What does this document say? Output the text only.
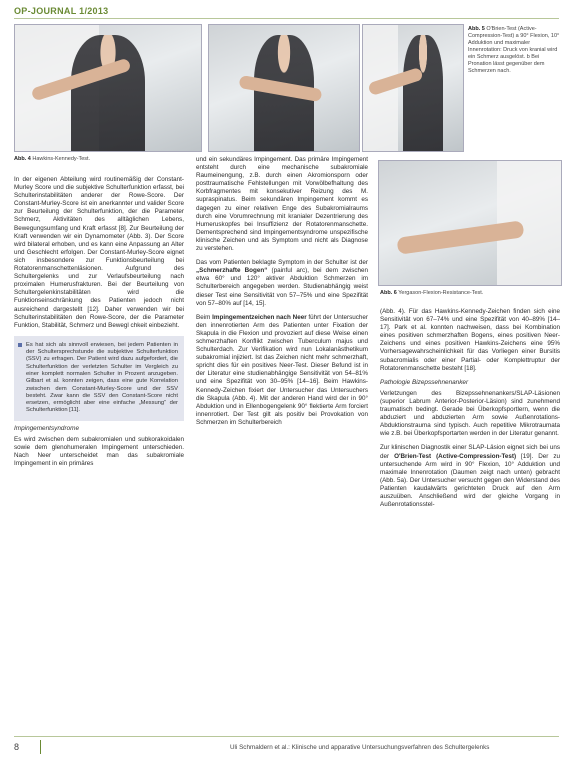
OP-JOURNAL 1/2013
Abb. 4 Hawkins-Kennedy-Test.
Abb. 5 O'Brien-Test (Active-Compression-Test) a 90° Flexion, 10° Adduktion und maximaler Innenrotation: Druck von kranial wird ein Schmerz ausgelöst. b Bei Pronation lässt gegenüber dem Schmerzen nach.
Abb. 6 Yergason-Flexion-Resistance-Test.

In der eigenen Abteilung wird routinemäßig der Constant-Murley Score und die subjektive Schulterfunktion erfasst, bei Schulterinstabilitäten anderer der Rowe-Score. Der Constant-Murley-Score ist ein anerkannter und valider Score zur Beurteilung der Schulterfunktion, der die Parameter Schmerz, Aktivitäten des alltäglichen Lebens, Bewegungsumfang und Kraft erfasst [8]. Zur Beurteilung der Kraft verwenden wir ein Dynamometer (Abb. 3). Der Score wird bilateral erhoben, und es kann eine Anpassung an Alter und Geschlecht erfolgen. Der Constant-Murley-Score eignet sich insbesondere zur Funktionsbeurteilung bei Rotatorenmanschettenläsionen. Aufgrund des Schultergelenks und zur Verlaufsbeurteilung nach proximalen Humerusfrakturen. Bei der Beurteilung von Schultergelenkinstabilitäten wird die Funktionseinschränkung des Patienten jedoch nicht ausreichend dargestellt [12]. Daher verwenden wir bei Schulterinstabilitäten den Rowe-Score, der die Parameter Funktion, Stabilität, Schmerz und Bewegl chkeit einbezieht.

Es hat sich als sinnvoll erwiesen, bei jedem Patienten in der Schultersprechstunde die subjektive Schulterfunktion (SSV) zu erfragen. Der Patient wird dazu aufgefordert, die Schulterfunktion der verletzten Schulter im Vergleich zu einer komplett normalen Schulter in Prozent anzugeben. Gilbart et al. konnten zeigen, dass eine gute Korrelation zwischen dem Constant-Murley-Score und der SSV besteht. Zwar kann die SSV den Constant-Score nicht ersetzen, ermöglicht aber eine einfache „Messung“ der Schulterfunktion [11].
Impingementsyndrome

Es wird zwischen dem subakromialen und subkorakoidalen sowie dem glenohumeralen Impingement unterschieden. Nach Neer unterscheidet man das subakromiale Impingement in ein primäres

und ein sekundäres Impingement. Das primäre Impingement entsteht durch eine mechanische subakromiale Raumeinengung, z.B. durch einen Akromionsporn oder posttraumatische Fehlstellungen mit Vorwölbefhaltung des Korbfragmentes mit konsekutiver Reizung des M. supraspinatus. Beim sekundären Impingement kommt es dagegen zu einer relativen Enge des Subakromialraums durch eine Vorumrechnung mit kranialer Dezentrierung des Humeruskopfes bei Insuffizienz der Rotatorenmanschette. Dementsprechend sind Impingementsyndrome unspezifische klinische Zeichen und als Symptom und nicht als Diagnose zu verstehen.

Das vom Patienten beklagte Symptom in der Schulter ist der „Schmerzhafte Bogen“ (painful arc), bei dem zwischen etwa 60° und 120° aktiver Abduktion Schmerzen im Schulterbereich angegeben werden. Studienabhängig weist dieser Test eine Sensitivität von 57–75% und eine Spezifität von 57–80% auf [14, 15].

Beim Impingementzeichen nach Neer führt der Untersucher den innenrotierten Arm des Patienten unter Fixation der Skapula in die Flexion und provoziert auf diese Weise einen schmerzhaften Konflikt zwischen Tuberculum majus und Schulterdach. Zur Verifikation wird nun Lokalanästhetikum subakromial injiziert. Ist das Zeichen nicht mehr schmerzhaft, spricht dies für ein positives Neer-Test. Dieser Befund ist in der Literatur eine studienabhängige Sensitivität von 54–81% und eine Spezifität von 30–95% [14–16]. Beim Hawkins-Kennedy-Zeichen fixiert der Untersucher das Untersuchers die Skapula (Abb. 4). Mit der anderen Hand wird der in 90° Abduktion und in Ellenbogengelenk 90° flektierte Arm forciert innenrotiert. Der Test gilt als positiv bei Provokation von Schmerzen im Schulterbereich

(Abb. 4). Für das Hawkins-Kennedy-Zeichen finden sich eine Sensitivität von 67–74% und eine Spezifität von 40–89% [14–17]. Park et al. konnten nachweisen, dass bei Kombination eines positiven schmerzhaften Bogens, eines positiven Neer-Zeichens und eines positiven Hawkins-Zeichens eine 95% Vorhersagewahrscheinlichkeit für das Vorliegen einer Bursitis subacromialis oder einer Partial- oder Komplettruptur der Rotatorenmanschette besteht [18].

Pathologie Bizepssehnenanker

Verletzungen des Bizepssehnenankers/SLAP-Läsionen (superior Labrum Anterior-Posterior-Läsion) sind zunehmend traumatisch bedingt. Gerade bei Überkopfsportlern, wenn die abduziert und abduzierten Arm sowie Außenrotations-Abduktionstrauma sind typisch. Auch repetitive Mikrotraumata wie z.B. bei Überkopfsportarten werden in der Literatur genannt.

Zur klinischen Diagnostik einer SLAP-Läsion eignet sich bei uns der O'Brien-Test (Active-Compression-Test) [19]. Der zu untersuchende Arm wird in 90° Flexion, 10° Adduktion und maximale Innenrotation (Daumen zeigt nach unten) gebracht (Abb. 5a). Der Untersucher versucht gegen den Widerstand des Patienten kaudalwärts gerichteten Druck auf den Arm auszuüben. Anschließend wird der gleiche Vorgang in Außenrotationsstel-

8	Uli Schmaldern et al.: Klinische und apparative Untersuchungsverfahren des Schultergelenks
